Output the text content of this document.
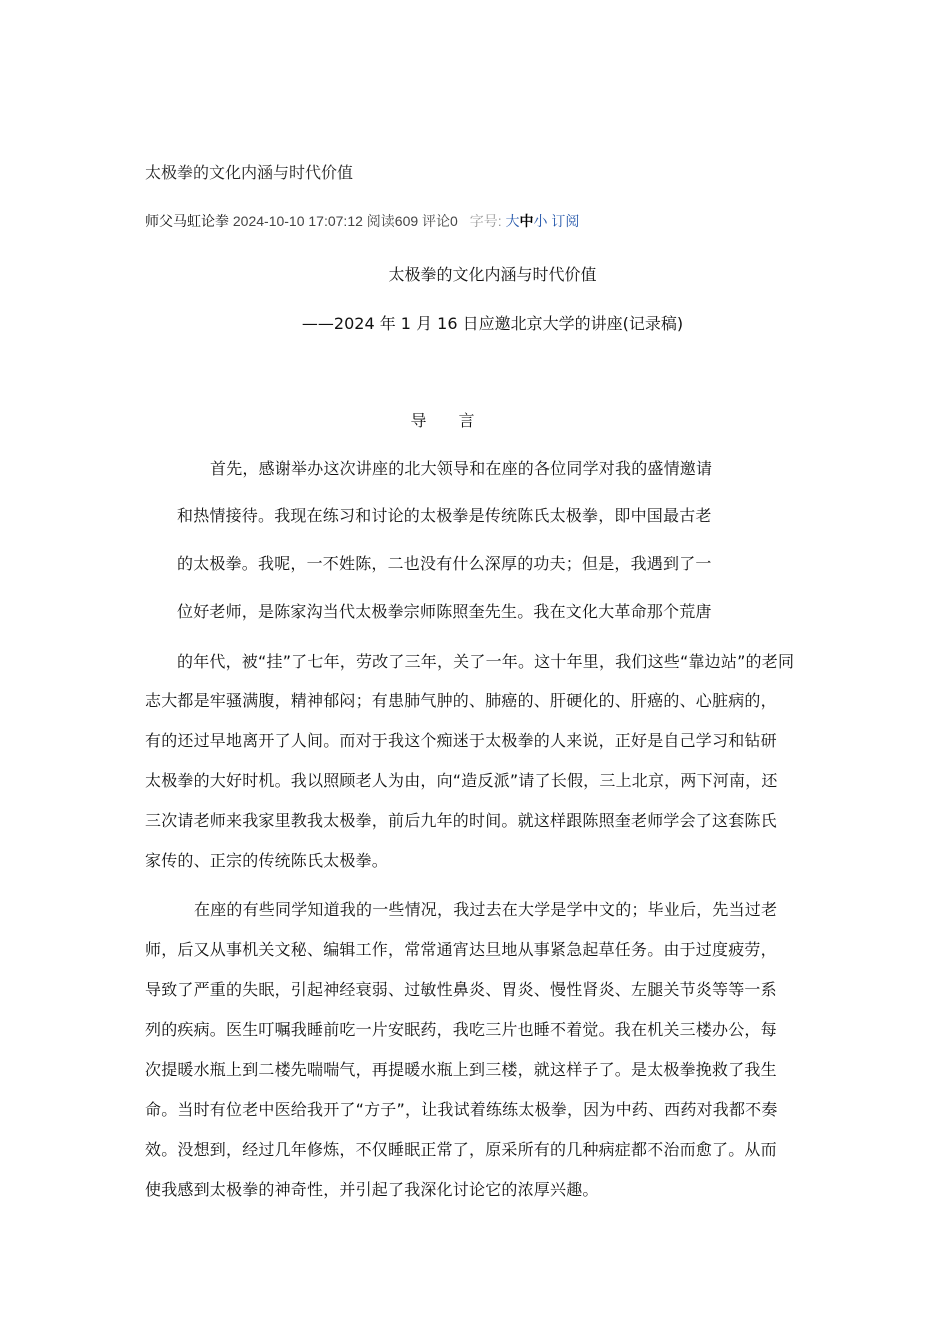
太极拳的文化内涵与时代价值
师父马虹论拳 2024-10-10 17:07:12 阅读609 评论0 字号: 大中小 订阅
太极拳的文化内涵与时代价值
——2024 年 1 月 16 日应邀北京大学的讲座(记录稿)
导　　言
首先，感谢举办这次讲座的北大领导和在座的各位同学对我的盛情邀请
和热情接待。我现在练习和讨论的太极拳是传统陈氏太极拳，即中国最古老
的太极拳。我呢，一不姓陈，二也没有什么深厚的功夫；但是，我遇到了一
位好老师，是陈家沟当代太极拳宗师陈照奎先生。我在文化大革命那个荒唐
的年代，被“挂”了七年，劳改了三年，关了一年。这十年里，我们这些“靠边站”的老同
志大都是牢骚满腹，精神郁闷；有患肺气肿的、肺癌的、肝硬化的、肝癌的、心脏病的，
有的还过早地离开了人间。而对于我这个痴迷于太极拳的人来说，正好是自己学习和钻研
太极拳的大好时机。我以照顾老人为由，向“造反派”请了长假，三上北京，两下河南，还
三次请老师来我家里教我太极拳，前后九年的时间。就这样跟陈照奎老师学会了这套陈氏
家传的、正宗的传统陈氏太极拳。
在座的有些同学知道我的一些情况，我过去在大学是学中文的；毕业后，先当过老
师，后又从事机关文秘、编辑工作，常常通宵达旦地从事紧急起草任务。由于过度疲劳，
导致了严重的失眠，引起神经衰弱、过敏性鼻炎、胃炎、慢性肾炎、左腿关节炎等等一系
列的疾病。医生叮嘱我睡前吃一片安眠药，我吃三片也睡不着觉。我在机关三楼办公，每
次提暖水瓶上到二楼先喘喘气，再提暖水瓶上到三楼，就这样子了。是太极拳挽救了我生
命。当时有位老中医给我开了“方子”，让我试着练练太极拳，因为中药、西药对我都不奏
效。没想到，经过几年修炼，不仅睡眠正常了，原采所有的几种病症都不治而愈了。从而
使我感到太极拳的神奇性，并引起了我深化讨论它的浓厚兴趣。
